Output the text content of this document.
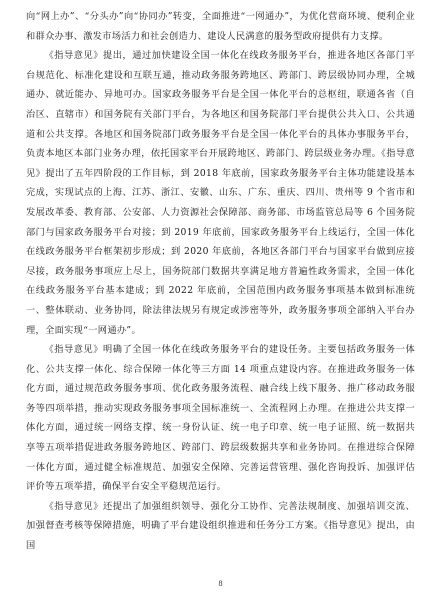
向“网上办”、“分头办”向“协同办”转变，全面推进“一网通办”，为优化营商环境、便利企业和群众办事、激发市场活力和社会创造力、建设人民满意的服务型政府提供有力支撑。

《指导意见》提出，通过加快建设全国一体化在线政务服务平台，推进各地区各部门平台规范化、标准化建设和互联互通，推动政务服务跨地区、跨部门、跨层级协同办理，全城通办、就近能办、异地可办。国家政务服务平台是全国一体化平台的总枢纽，联通各省（自治区、直辖市）和国务院有关部门平台，为各地区和国务院部门平台提供公共入口、公共通道和公共支撑。各地区和国务院部门政务服务平台是全国一体化平台的具体办事服务平台，负责本地区本部门业务办理，依托国家平台开展跨地区、跨部门、跨层级业务办理。《指导意见》提出了五年四阶段的工作目标，到 2018 年底前，国家政务服务平台主体功能建设基本完成，实现试点的上海、江苏、浙江、安徽、山东、广东、重庆、四川、贵州等 9 个省市和发展改革委、教育部、公安部、人力资源社会保障部、商务部、市场监管总局等 6 个国务院部门与国家政务服务平台对接；到 2019 年底前，国家政务服务平台上线运行，全国一体化在线政务服务平台框架初步形成；到 2020 年底前，各地区各部门平台与国家平台做到应接尽接，政务服务事项应上尽上，国务院部门数据共享满足地方普遍性政务需求，全国一体化在线政务服务平台基本建成；到 2022 年底前，全国范围内政务服务事项基本做到标准统一、整体联动、业务协同，除法律法规另有规定或涉密等外，政务服务事项全部纳入平台办理，全面实现“一网通办”。

《指导意见》明确了全国一体化在线政务服务平台的建设任务。主要包括政务服务一体化、公共支撑一体化、综合保障一体化等三方面 14 项重点建设内容。在推进政务服务一体化方面，通过规范政务服务事项、优化政务服务流程、融合线上线下服务、推广移动政务服务等四项举措，推动实现政务服务事项全国标准统一、全流程网上办理。在推进公共支撑一体化方面，通过统一网络支撑、统一身份认证、统一电子印章、统一电子证照、统一数据共享等五项举措促进政务服务跨地区、跨部门、跨层级数据共享和业务协同。在推进综合保障一体化方面，通过健全标准规范、加强安全保障、完善运营管理、强化咨询投诉、加强评估评价等五项举措，确保平台安全平稳规范运行。

《指导意见》还提出了加强组织领导、强化分工协作、完善法规制度、加强培训交流、加强督查考核等保障措施，明确了平台建设组织推进和任务分工方案。《指导意见》提出，由国

8
